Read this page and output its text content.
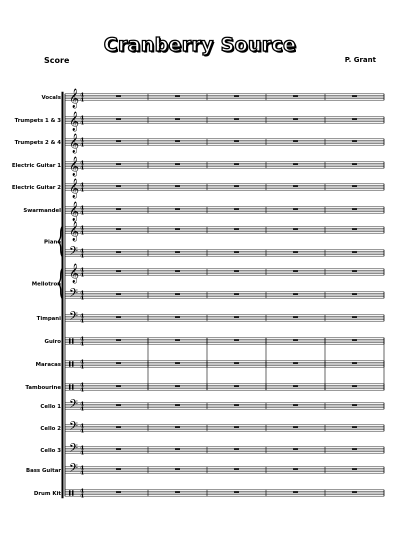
Cranberry Source
Score	P. Grant
Vocals
Trumpets 1 & 3
Trumpets 2 & 4
Electric Guitar 1
Electric Guitar 2
Swarmandel
Piano
Mellotron
Timpani
Guiro
Maracas
Tambourine
Cello 1
Cello 2
Cello 3
Bass Guitar
Drum Kit
𝄞 4
4
𝄞 4
4
𝄞 4
4
𝄞 4
4
𝄞 4
4
𝄞 4
4
𝄞 4
4
𝄢 4
4
𝄞 4
4
𝄢 4
4
𝄢 4
4
4
4
4
4
4
4
𝄢 4
4
𝄢 4
4
𝄢 4
4
𝄢 4
4
4
4
